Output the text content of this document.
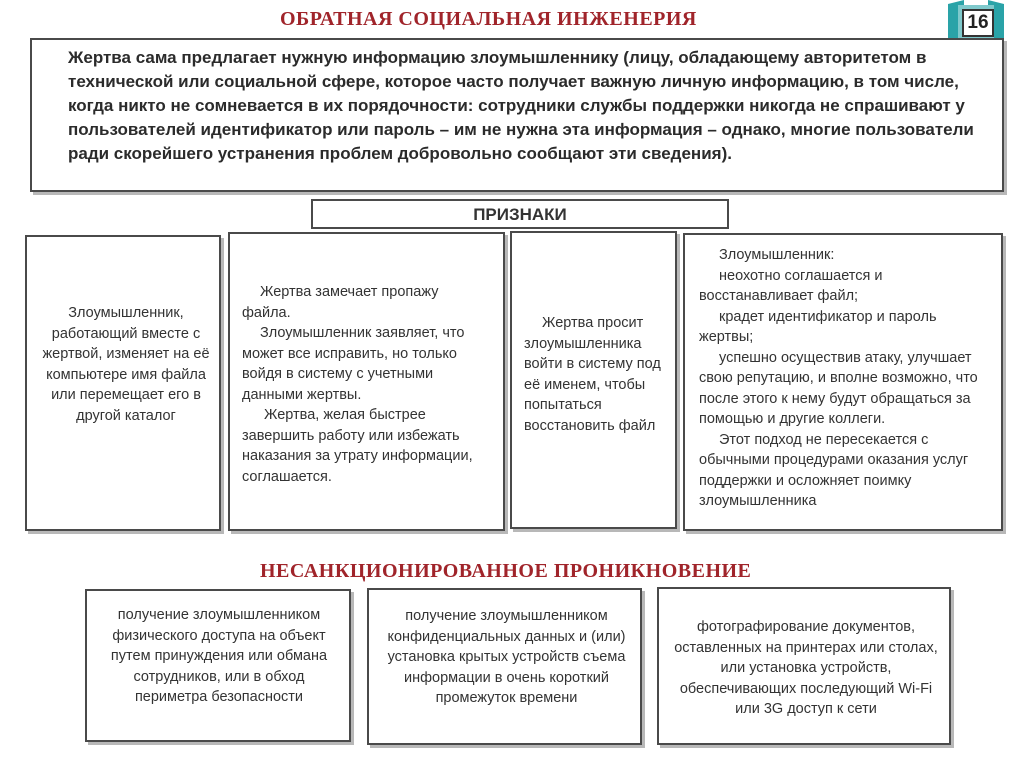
ОБРАТНАЯ СОЦИАЛЬНАЯ ИНЖЕНЕРИЯ	16
Жертва сама предлагает нужную информацию злоумышленнику (лицу, обладающему авторитетом в технической или социальной сфере, которое часто получает важную личную информацию, в том числе, когда никто не сомневается в их порядочности: сотрудники службы поддержки никогда не спрашивают у пользователей идентификатор или пароль – им не нужна эта информация – однако, многие пользователи ради скорейшего устранения проблем добровольно сообщают эти сведения).
ПРИЗНАКИ

Злоумышленник, работающий вместе с жертвой, изменяет на её компьютере имя файла или перемещает его в другой каталог

Жертва замечает пропажу файла.

Злоумышленник заявляет, что может все исправить, но только войдя в систему с учетными данными жертвы.

Жертва, желая быстрее завершить работу или избежать наказания за утрату информации, соглашается.

Жертва просит злоумышленника войти в систему под её именем, чтобы попытаться восстановить файл

Злоумышленник:

неохотно соглашается и восстанавливает файл;

крадет идентификатор и пароль жертвы;

успешно осуществив атаку, улучшает свою репутацию, и вполне возможно, что после этого к нему будут обращаться за помощью и другие коллеги.

Этот подход не пересекается с обычными процедурами оказания услуг поддержки и осложняет поимку злоумышленника

НЕСАНКЦИОНИРОВАННОЕ ПРОНИКНОВЕНИЕ

получение злоумышленником физического доступа на объект путем принуждения или обмана сотрудников, или в обход периметра безопасности

получение злоумышленником конфиденциальных данных и (или) установка крытых устройств съема информации в очень короткий промежуток времени

фотографирование документов, оставленных на принтерах или столах, или установка устройств, обеспечивающих последующий Wi-Fi или 3G доступ к сети
